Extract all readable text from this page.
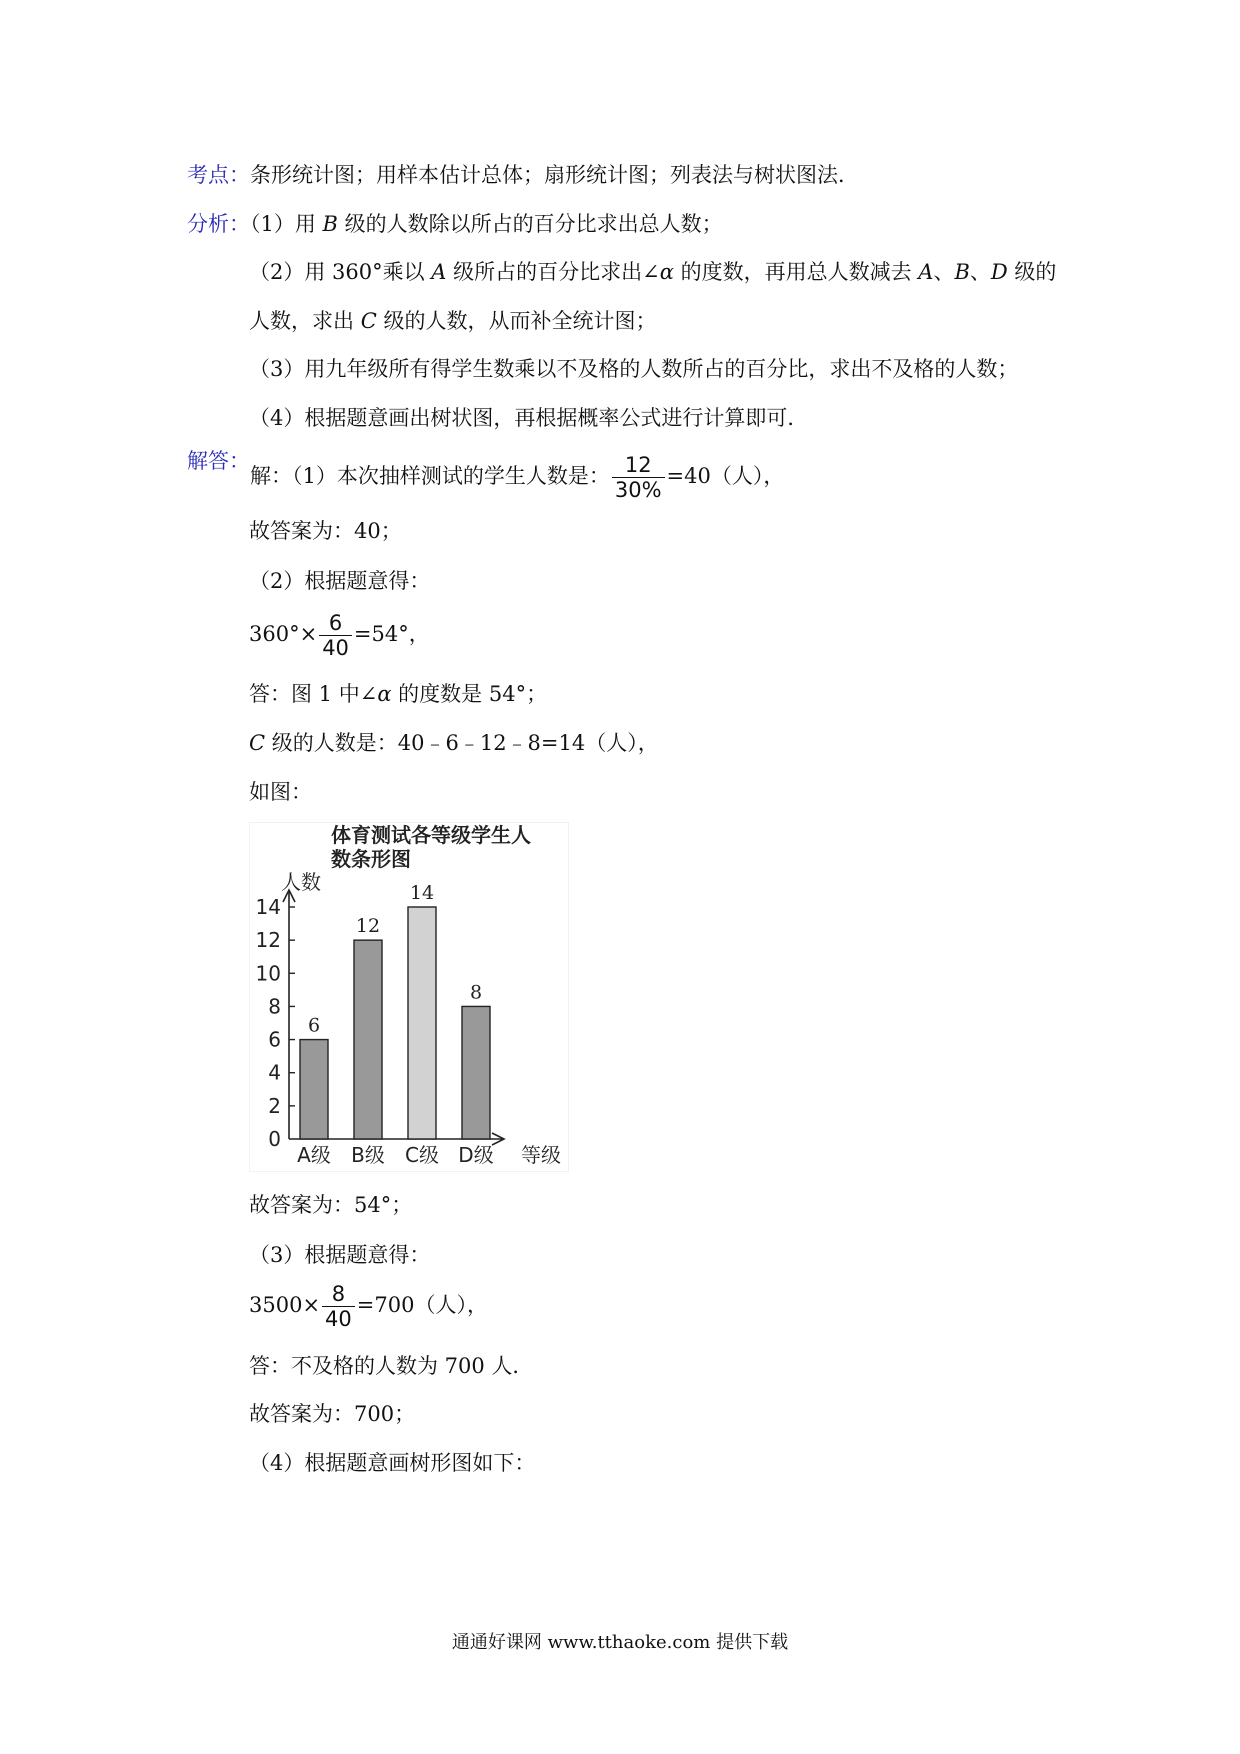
考点：条形统计图；用样本估计总体；扇形统计图；列表法与树状图法．
分析：（1）用 B 级的人数除以所占的百分比求出总人数；
（2）用 360°乘以 A 级所占的百分比求出∠α 的度数，再用总人数减去 A、B、D 级的
人数，求出 C 级的人数，从而补全统计图；
（3）用九年级所有得学生数乘以不及格的人数所占的百分比，求出不及格的人数；
（4）根据题意画出树状图，再根据概率公式进行计算即可．
解答：解：（1）本次抽样测试的学生人数是： $\frac{12}{30\%} =40$（人），
故答案为：40；
（2）根据题意得：
$360^\circ\times \frac{6}{40} =54^\circ$，
答：图 1 中∠α 的度数是 54°；
C 级的人数是：40﹣6﹣12﹣8=14（人），
如图：
体育测试各等级学生人
数条形图
人数
等级
0
2
4
6
8
10
12
14
6
12
14
8
A级 B级 C级 D级
故答案为：54°；
（3）根据题意得：
$3500\times \frac{8}{40} =700$（人），
答：不及格的人数为 700 人．
故答案为：700；
（4）根据题意画树形图如下：
通通好课网 www.tthaoke.com 提供下载
